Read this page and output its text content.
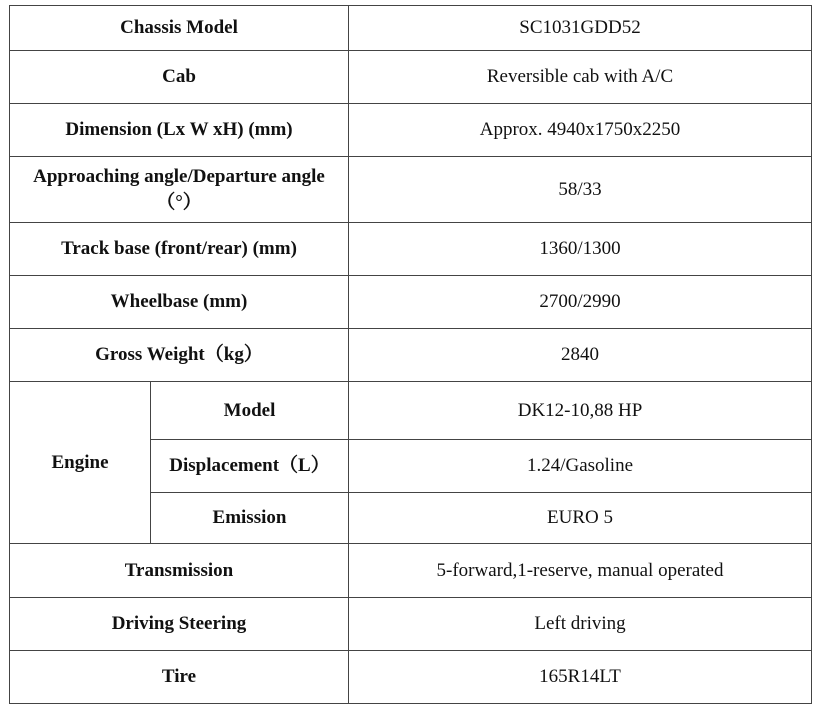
Chassis Model		SC1031GDD52
Cab		Reversible cab with A/C
Dimension (Lx W xH) (mm)		Approx. 4940x1750x2250
Approaching angle/Departure angle（°）		58/33
Track base (front/rear) (mm)		1360/1300
Wheelbase (mm)		2700/2990
Gross Weight（kg）		2840
Engine	Model	DK12-10,88 HP
	Displacement（L）	1.24/Gasoline
	Emission	EURO 5
Transmission		5-forward,1-reserve, manual operated
Driving Steering		Left driving
Tire		165R14LT
